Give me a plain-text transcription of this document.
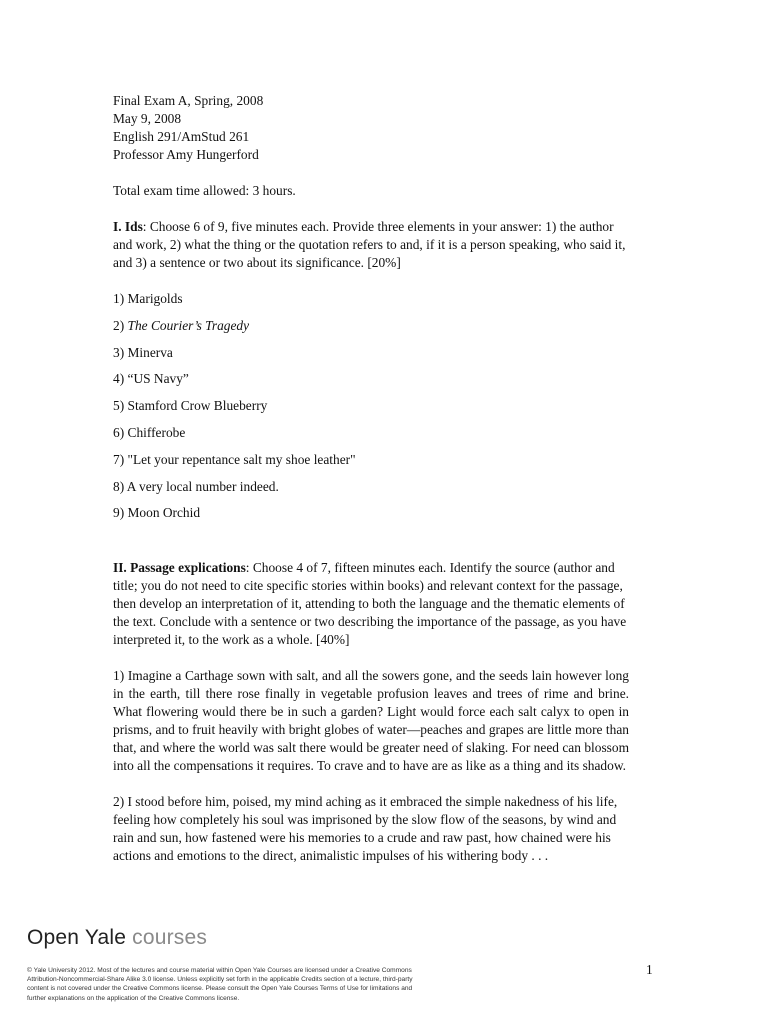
Final Exam A, Spring, 2008
May 9, 2008
English 291/AmStud 261
Professor Amy Hungerford
Total exam time allowed: 3 hours.

I. Ids: Choose 6 of 9, five minutes each. Provide three elements in your answer: 1) the author and work, 2) what the thing or the quotation refers to and, if it is a person speaking, who said it, and 3) a sentence or two about its significance. [20%]

1) Marigolds
2) The Courier’s Tragedy
3) Minerva
4) “US Navy”
5) Stamford Crow Blueberry
6) Chifferobe
7) "Let your repentance salt my shoe leather"
8) A very local number indeed.
9) Moon Orchid

II. Passage explications: Choose 4 of 7, fifteen minutes each. Identify the source (author and title; you do not need to cite specific stories within books) and relevant context for the passage, then develop an interpretation of it, attending to both the language and the thematic elements of the text. Conclude with a sentence or two describing the importance of the passage, as you have interpreted it, to the work as a whole. [40%]

1) Imagine a Carthage sown with salt, and all the sowers gone, and the seeds lain however long in the earth, till there rose finally in vegetable profusion leaves and trees of rime and brine. What flowering would there be in such a garden? Light would force each salt calyx to open in prisms, and to fruit heavily with bright globes of water—peaches and grapes are little more than that, and where the world was salt there would be greater need of slaking. For need can blossom into all the compensations it requires. To crave and to have are as like as a thing and its shadow.

2) I stood before him, poised, my mind aching as it embraced the simple nakedness of his life, feeling how completely his soul was imprisoned by the slow flow of the seasons, by wind and rain and sun, how fastened were his memories to a crude and raw past, how chained were his actions and emotions to the direct, animalistic impulses of his withering body . . .

Open Yale courses
© Yale University 2012. Most of the lectures and course material within Open Yale Courses are licensed under a Creative Commons Attribution-Noncommercial-Share Alike 3.0 license. Unless explicitly set forth in the applicable Credits section of a lecture, third-party content is not covered under the Creative Commons license. Please consult the Open Yale Courses Terms of Use for limitations and further explanations on the application of the Creative Commons license.
1
